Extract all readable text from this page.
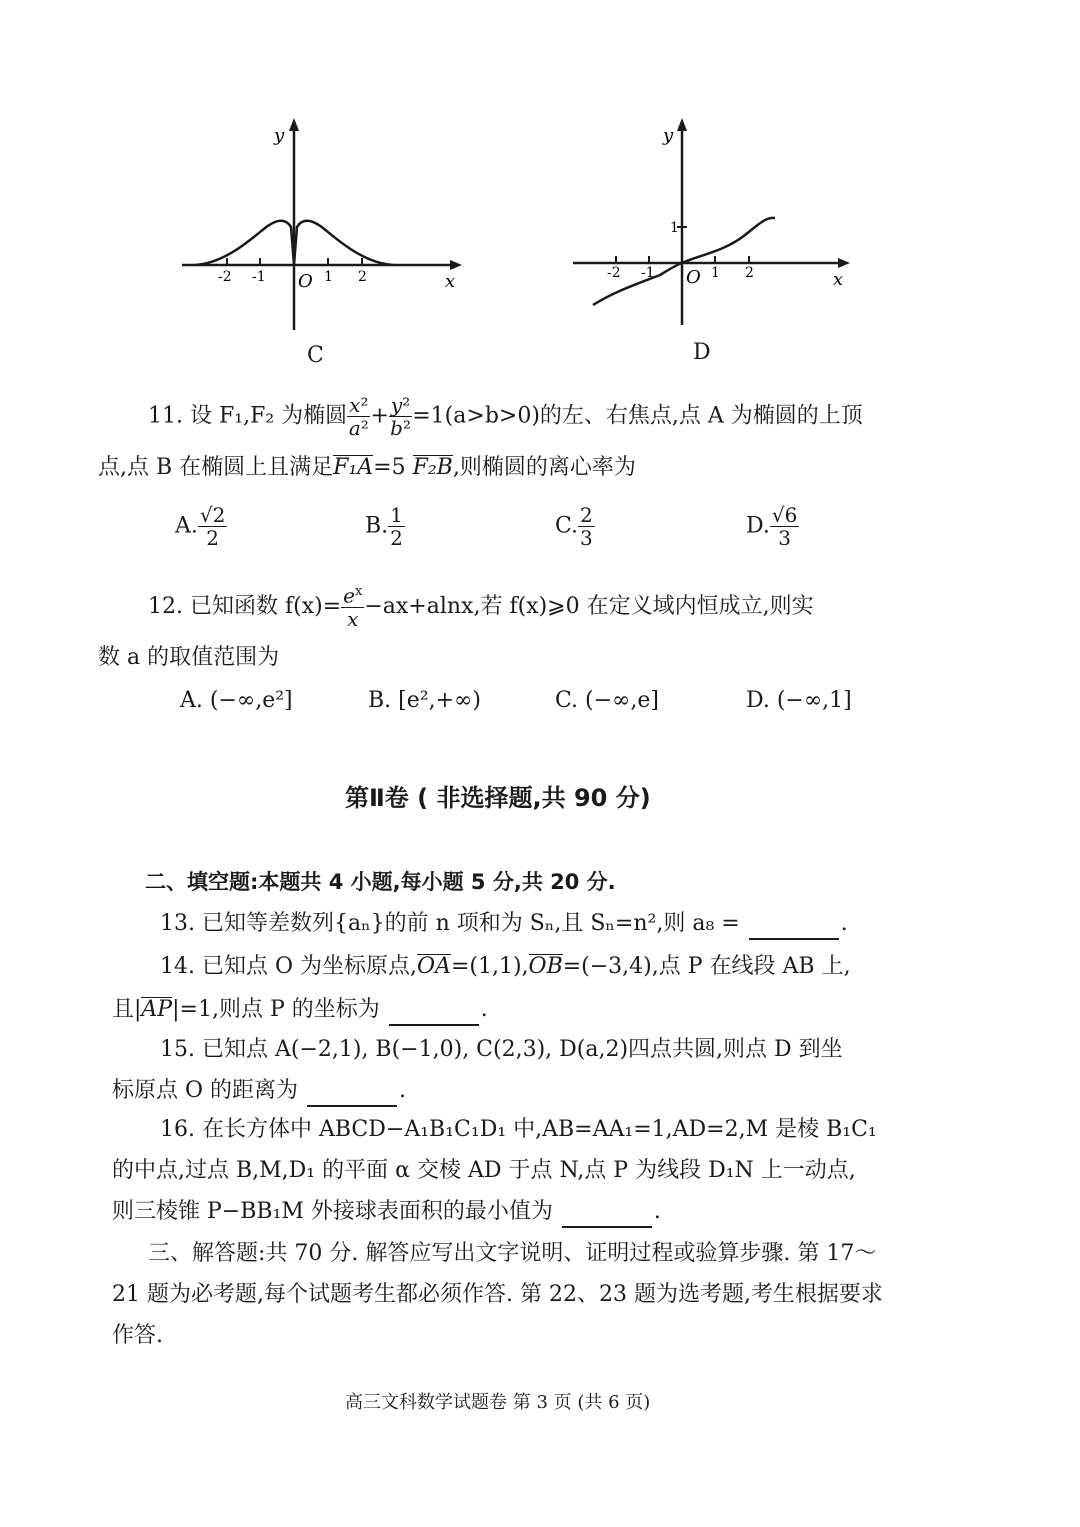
-2 -1 O 1 2	x
y
C
-2 -1 O 1 2
1
x
y
D
11. 设 F₁,F₂ 为椭圆 $\frac{\text{x²}}{\text{a²}} + \frac{\text{y²}}{\text{b²}} =1(a>b>0)$的左、右焦点,点 A 为椭圆的上顶
点,点 B 在椭圆上且满足F₁A=5 F₂B,则椭圆的离心率为
A. $\frac{√2}{2}$	B. $\frac{1}{2}$	C. $\frac{2}{3}$	D. $\frac{√6}{3}$
12. 已知函数 $f(x)= \frac{e^x}{x} -ax+alnx$,若 f(x)⩾0 在定义域内恒成立,则实
数 a 的取值范围为
A. (−∞,e²]	B. [e²,+∞)	C. (−∞,e]	D. (−∞,1]
第Ⅱ卷 ( 非选择题,共 90 分)
二、填空题:本题共 4 小题,每小题 5 分,共 20 分.
13. 已知等差数列{aₙ}的前 n 项和为 Sₙ,且 Sₙ=n²,则 a₈ =	.
14. 已知点 O 为坐标原点,OA=(1,1),OB=(−3,4),点 P 在线段 AB 上,
且|AP|=1,则点 P 的坐标为	.
15. 已知点 A(−2,1), B(−1,0), C(2,3), D(a,2)四点共圆,则点 D 到坐
标原点 O 的距离为	.
16. 在长方体中 ABCD−A₁B₁C₁D₁ 中,AB=AA₁=1,AD=2,M 是棱 B₁C₁
的中点,过点 B,M,D₁ 的平面 α 交棱 AD 于点 N,点 P 为线段 D₁N 上一动点,
则三棱锥 P−BB₁M 外接球表面积的最小值为	.
三、解答题:共 70 分. 解答应写出文字说明、证明过程或验算步骤. 第 17～
21 题为必考题,每个试题考生都必须作答. 第 22、23 题为选考题,考生根据要求
作答.
高三文科数学试题卷 第 3 页 (共 6 页)
